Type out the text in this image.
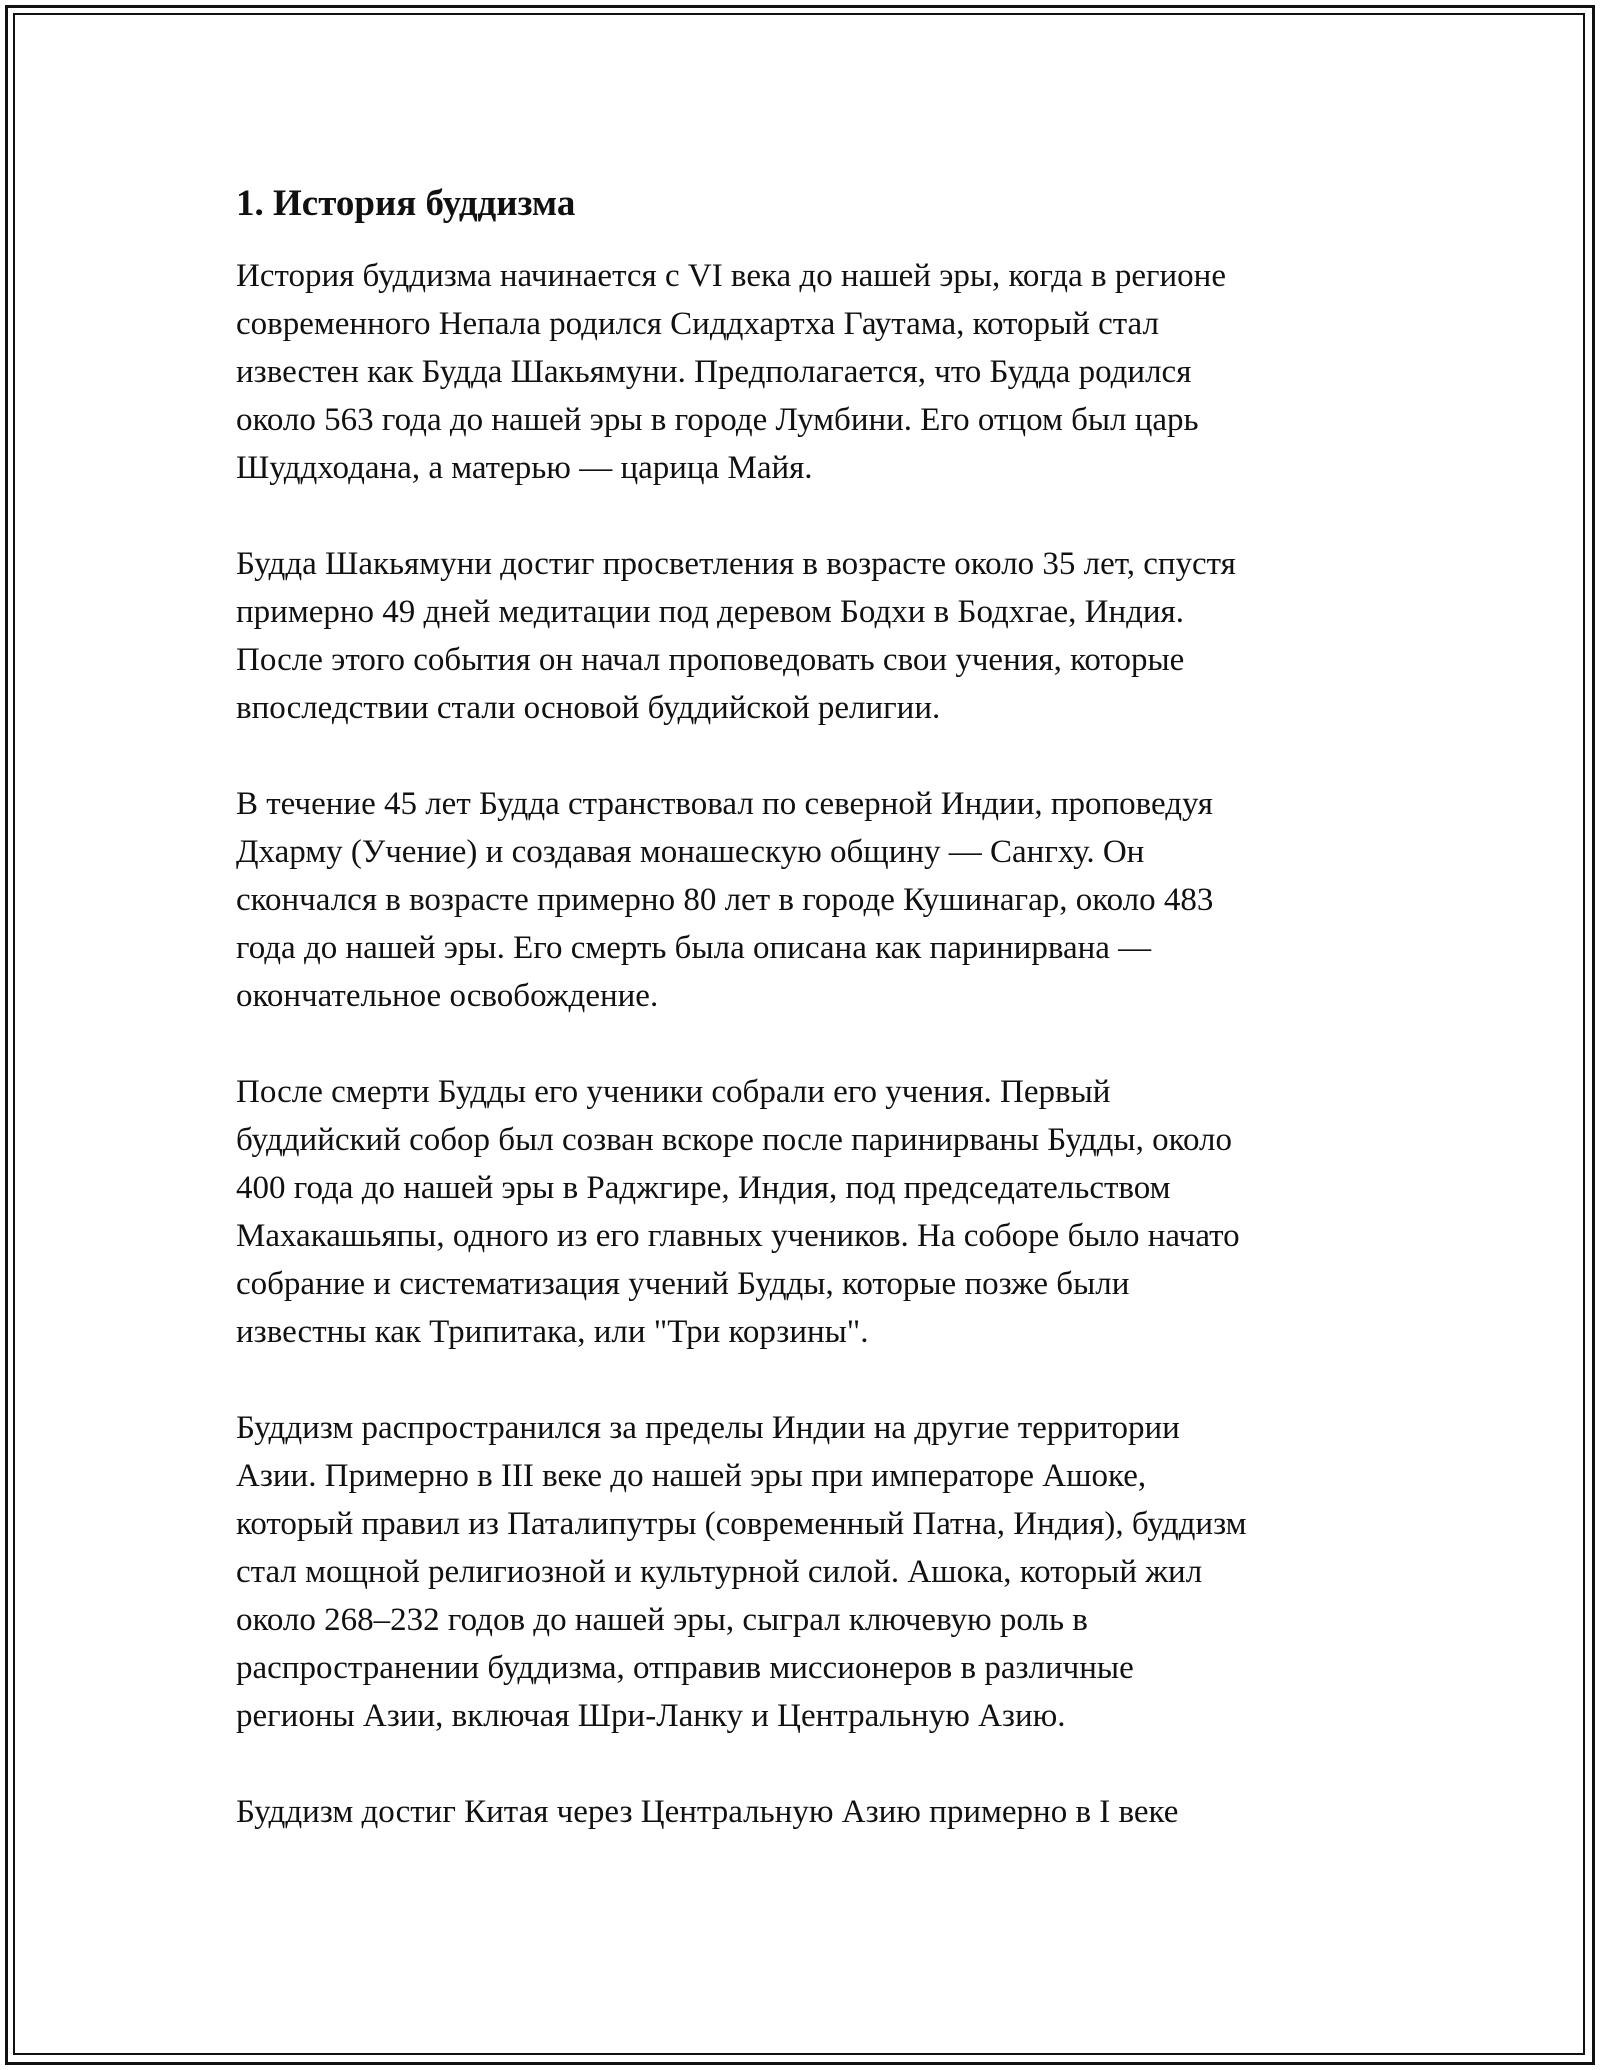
1. История буддизма

История буддизма начинается с VI века до нашей эры, когда в регионе
современного Непала родился Сиддхартха Гаутама, который стал
известен как Будда Шакьямуни. Предполагается, что Будда родился
около 563 года до нашей эры в городе Лумбини. Его отцом был царь
Шуддходана, а матерью — царица Майя.

Будда Шакьямуни достиг просветления в возрасте около 35 лет, спустя
примерно 49 дней медитации под деревом Бодхи в Бодхгае, Индия.
После этого события он начал проповедовать свои учения, которые
впоследствии стали основой буддийской религии.

В течение 45 лет Будда странствовал по северной Индии, проповедуя
Дхарму (Учение) и создавая монашескую общину — Сангху. Он
скончался в возрасте примерно 80 лет в городе Кушинагар, около 483
года до нашей эры. Его смерть была описана как паринирвана —
окончательное освобождение.

После смерти Будды его ученики собрали его учения. Первый
буддийский собор был созван вскоре после паринирваны Будды, около
400 года до нашей эры в Раджгире, Индия, под председательством
Махакашьяпы, одного из его главных учеников. На соборе было начато
собрание и систематизация учений Будды, которые позже были
известны как Трипитака, или "Три корзины".

Буддизм распространился за пределы Индии на другие территории
Азии. Примерно в III веке до нашей эры при императоре Ашоке,
который правил из Паталипутры (современный Патна, Индия), буддизм
стал мощной религиозной и культурной силой. Ашока, который жил
около 268–232 годов до нашей эры, сыграл ключевую роль в
распространении буддизма, отправив миссионеров в различные
регионы Азии, включая Шри-Ланку и Центральную Азию.

Буддизм достиг Китая через Центральную Азию примерно в I веке
